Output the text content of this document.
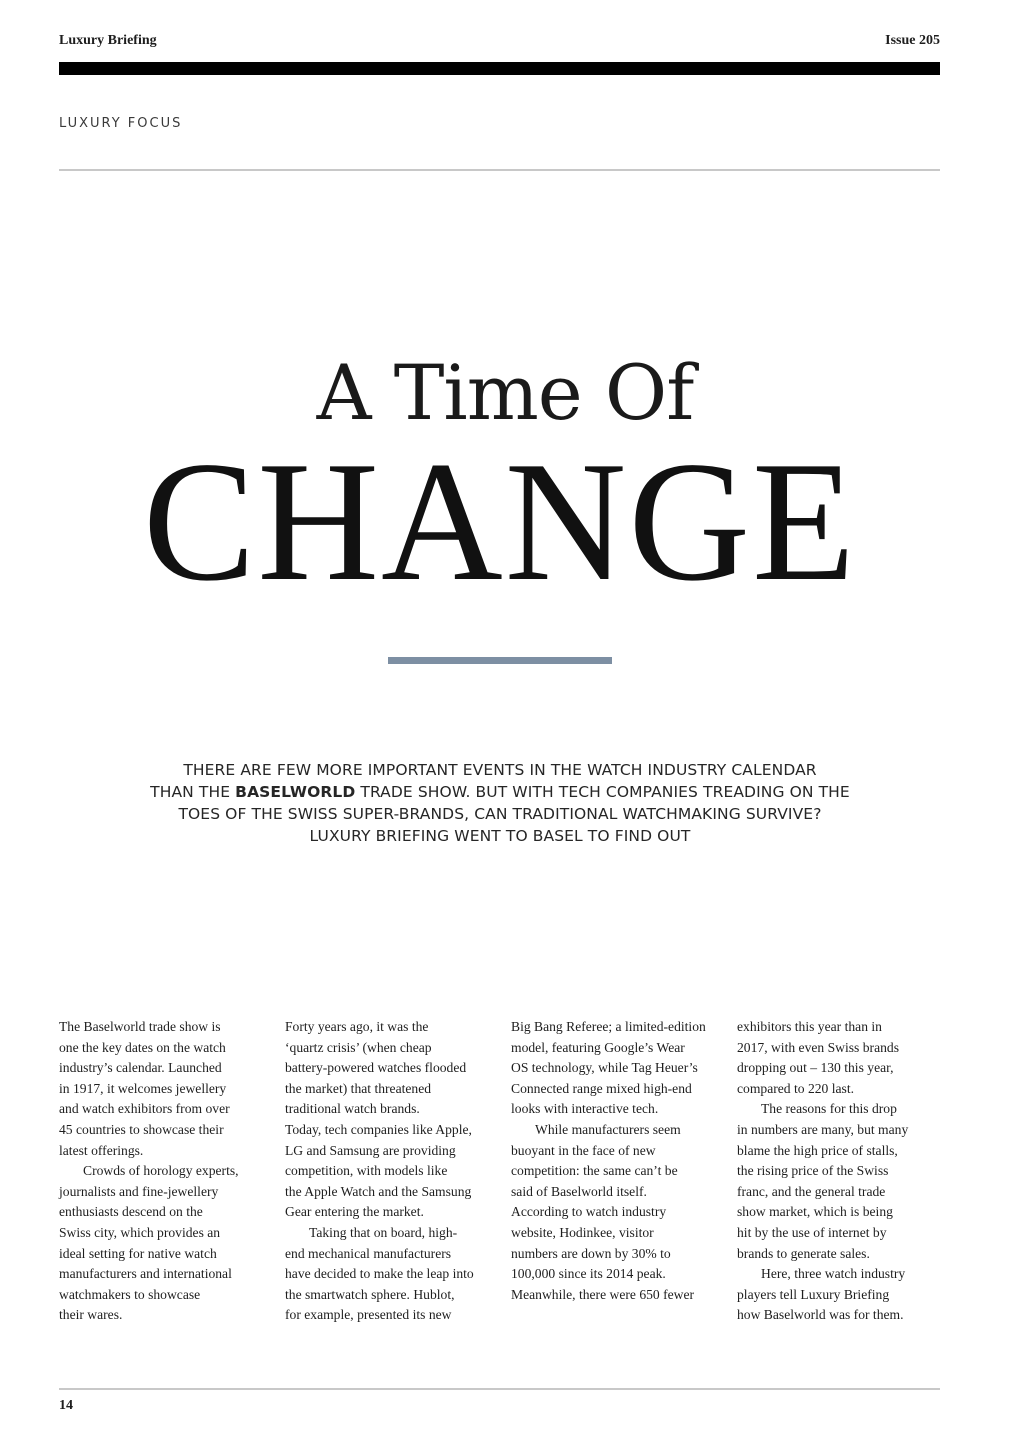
Luxury Briefing	Issue 205
LUXURY FOCUS
A Time Of
CHANGE
THERE ARE FEW MORE IMPORTANT EVENTS IN THE WATCH INDUSTRY CALENDAR
THAN THE BASELWORLD TRADE SHOW. BUT WITH TECH COMPANIES TREADING ON THE
TOES OF THE SWISS SUPER-BRANDS, CAN TRADITIONAL WATCHMAKING SURVIVE?
LUXURY BRIEFING WENT TO BASEL TO FIND OUT
The Baselworld trade show is
one the key dates on the watch
industry’s calendar. Launched
in 1917, it welcomes jewellery
and watch exhibitors from over
45 countries to showcase their
latest offerings.
Crowds of horology experts,
journalists and fine-jewellery
enthusiasts descend on the
Swiss city, which provides an
ideal setting for native watch
manufacturers and international
watchmakers to showcase
their wares.
Forty years ago, it was the
‘quartz crisis’ (when cheap
battery-powered watches flooded
the market) that threatened
traditional watch brands.
Today, tech companies like Apple,
LG and Samsung are providing
competition, with models like
the Apple Watch and the Samsung
Gear entering the market.
Taking that on board, high-
end mechanical manufacturers
have decided to make the leap into
the smartwatch sphere. Hublot,
for example, presented its new
Big Bang Referee; a limited-edition
model, featuring Google’s Wear
OS technology, while Tag Heuer’s
Connected range mixed high-end
looks with interactive tech.
While manufacturers seem
buoyant in the face of new
competition: the same can’t be
said of Baselworld itself.
According to watch industry
website, Hodinkee, visitor
numbers are down by 30% to
100,000 since its 2014 peak.
Meanwhile, there were 650 fewer
exhibitors this year than in
2017, with even Swiss brands
dropping out – 130 this year,
compared to 220 last.
The reasons for this drop
in numbers are many, but many
blame the high price of stalls,
the rising price of the Swiss
franc, and the general trade
show market, which is being
hit by the use of internet by
brands to generate sales.
Here, three watch industry
players tell Luxury Briefing
how Baselworld was for them.
14
